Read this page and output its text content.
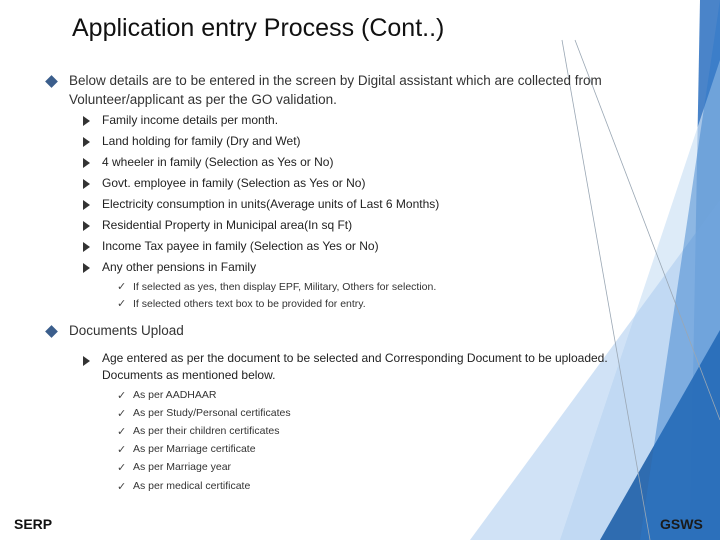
Application entry Process (Cont..)
Below details are to be entered in the screen by Digital assistant which are collected from
Volunteer/applicant as per the GO validation.
Family income details per month.
Land holding for family (Dry and Wet)
4 wheeler in family (Selection as Yes or No)
Govt. employee in family (Selection as Yes or No)
Electricity consumption in units(Average units of Last 6 Months)
Residential Property in Municipal area(In sq Ft)
Income Tax payee in family (Selection as Yes or No)
Any other pensions in Family
✓ If selected as yes, then display EPF, Military, Others for selection.
✓ If selected others text box to be provided for entry.
Documents Upload
Age entered as per the document to be selected and Corresponding Document to be uploaded.
Documents as mentioned below.
✓ As per AADHAAR
✓ As per Study/Personal certificates
✓ As per their children certificates
✓ As per Marriage certificate
✓ As per Marriage year
✓ As per medical certificate
SERP	GSWS
